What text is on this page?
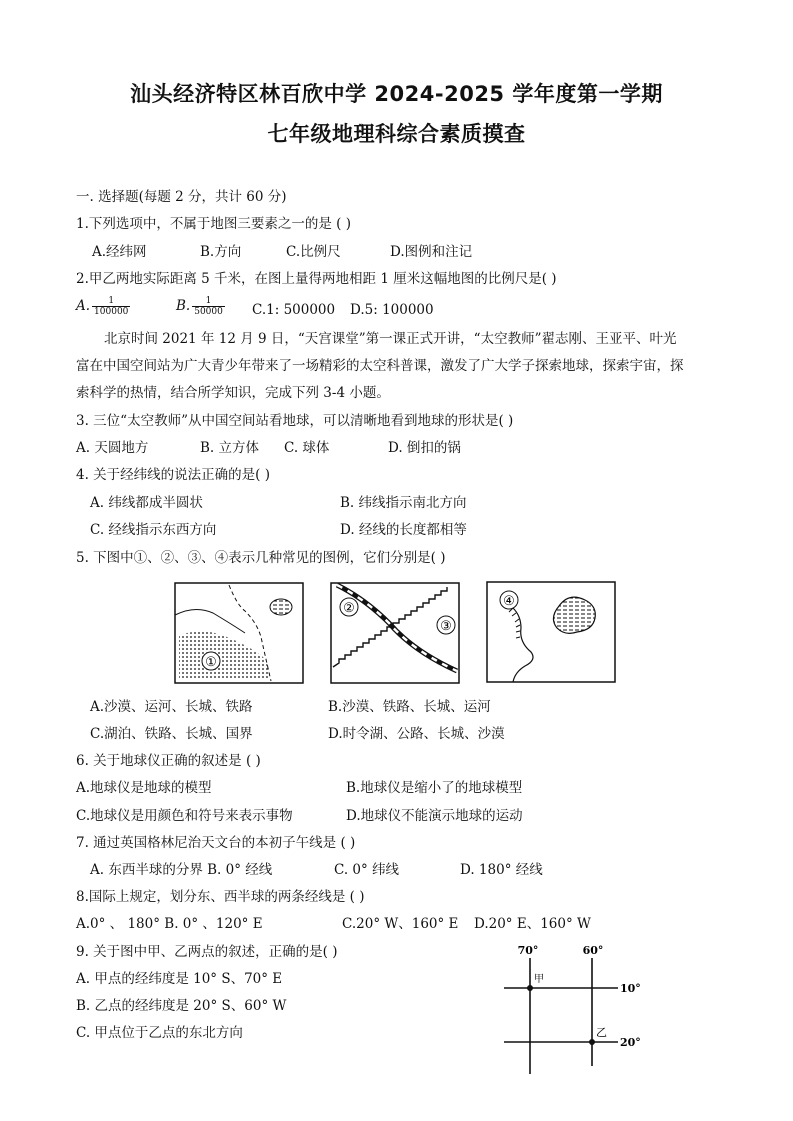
汕头经济特区林百欣中学 2024-2025 学年度第一学期
七年级地理科综合素质摸查
一. 选择题(每题 2 分，共计 60 分)
1.下列选项中，不属于地图三要素之一的是 ( )
A.经纬网	B.方向	C.比例尺	D.图例和注记
2.甲乙两地实际距离 5 千米，在图上量得两地相距 1 厘米这幅地图的比例尺是( )
A. $\frac{1}{100000}$	B. $\frac{1}{50000} C.1$: 500000 D.5: 100000
北京时间 2021 年 12 月 9 日，“天宫课堂”第一课正式开讲，“太空教师”翟志刚、王亚平、叶光
富在中国空间站为广大青少年带来了一场精彩的太空科普课，激发了广大学子探索地球，探索宇宙，探
索科学的热情，结合所学知识，完成下列 3-4 小题。
3. 三位“太空教师”从中国空间站看地球，可以清晰地看到地球的形状是( )
A. 天圆地方	B. 立方体 C. 球体	D. 倒扣的锅
4. 关于经纬线的说法正确的是( )
A. 纬线都成半圆状	B. 纬线指示南北方向
C. 经线指示东西方向	D. 经线的长度都相等
5. 下图中①、②、③、④表示几种常见的图例，它们分别是( )
①
②
③
④
A.沙漠、运河、长城、铁路	B.沙漠、铁路、长城、运河
C.湖泊、铁路、长城、国界	D.时令湖、公路、长城、沙漠
6. 关于地球仪正确的叙述是 ( )
A.地球仪是地球的模型	B.地球仪是缩小了的地球模型
C.地球仪是用颜色和符号来表示事物	D.地球仪不能演示地球的运动
7. 通过英国格林尼治天文台的本初子午线是 ( )
A. 东西半球的分界 B. 0° 经线	C. 0° 纬线	D. 180° 经线
8.国际上规定，划分东、西半球的两条经线是 ( )
A.0° 、 180° B. 0° 、120° E	C.20° W、160° E D.20° E、160° W
9. 关于图中甲、乙两点的叙述，正确的是( )
A. 甲点的经纬度是 10° S、70° E
B. 乙点的经纬度是 20° S、60° W
C. 甲点位于乙点的东北方向
70°	60°
10°
20°
甲
乙
